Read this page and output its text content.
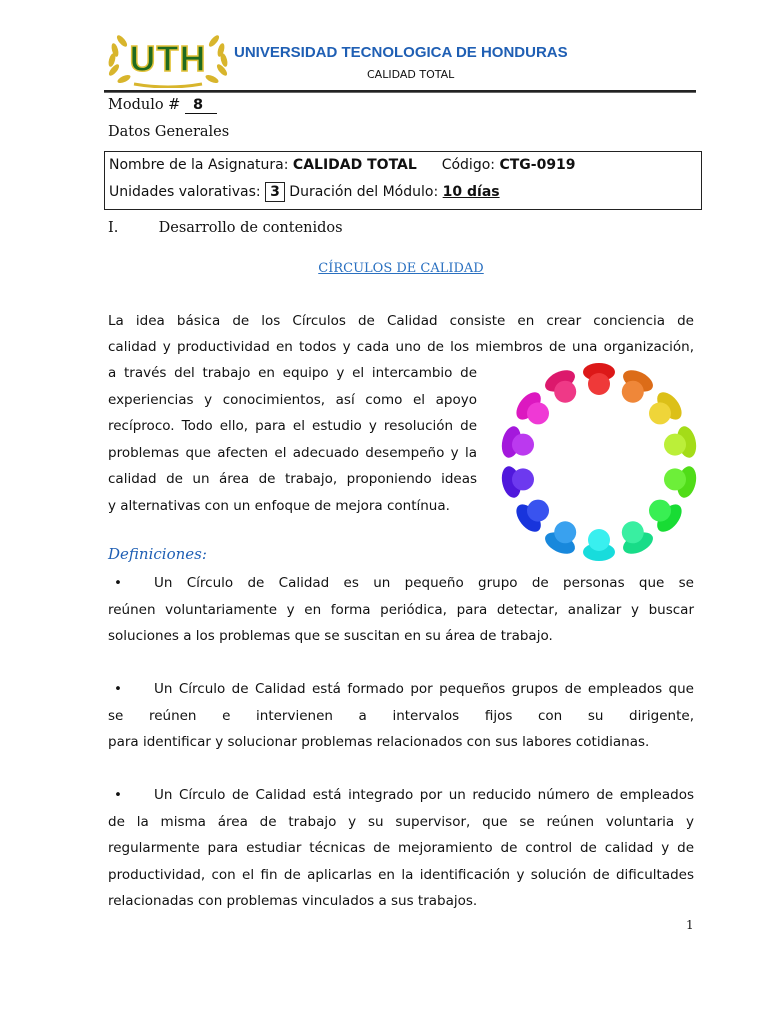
UTH	UNIVERSIDAD TECNOLOGICA DE HONDURAS
CALIDAD TOTAL
Modulo # 8
Datos Generales
Nombre de la Asignatura: CALIDAD TOTAL Código: CTG-0919
Unidades valorativas: 3 Duración del Módulo: 10 días
I.	Desarrollo de contenidos
CÍRCULOS DE CALIDAD
La idea básica de los Círculos de Calidad consiste en crear conciencia de
calidad y productividad en todos y cada uno de los miembros de una organización,
a través del trabajo en equipo y el intercambio de
experiencias y conocimientos, así como el apoyo
recíproco. Todo ello, para el estudio y resolución de
problemas que afecten el adecuado desempeño y la
calidad de un área de trabajo, proponiendo ideas
y alternativas con un enfoque de mejora contínua.
Definiciones:
• Un Círculo de Calidad es un pequeño grupo de personas que se
reúnen voluntariamente y en forma periódica, para detectar, analizar y buscar
soluciones a los problemas que se suscitan en su área de trabajo.
• Un Círculo de Calidad está formado por pequeños grupos de empleados que
se reúnen e intervienen a intervalos fijos con su dirigente,
para identificar y solucionar problemas relacionados con sus labores cotidianas.
• Un Círculo de Calidad está integrado por un reducido número de empleados
de la misma área de trabajo y su supervisor, que se reúnen voluntaria y
regularmente para estudiar técnicas de mejoramiento de control de calidad y de
productividad, con el fin de aplicarlas en la identificación y solución de dificultades
relacionadas con problemas vinculados a sus trabajos.
1
